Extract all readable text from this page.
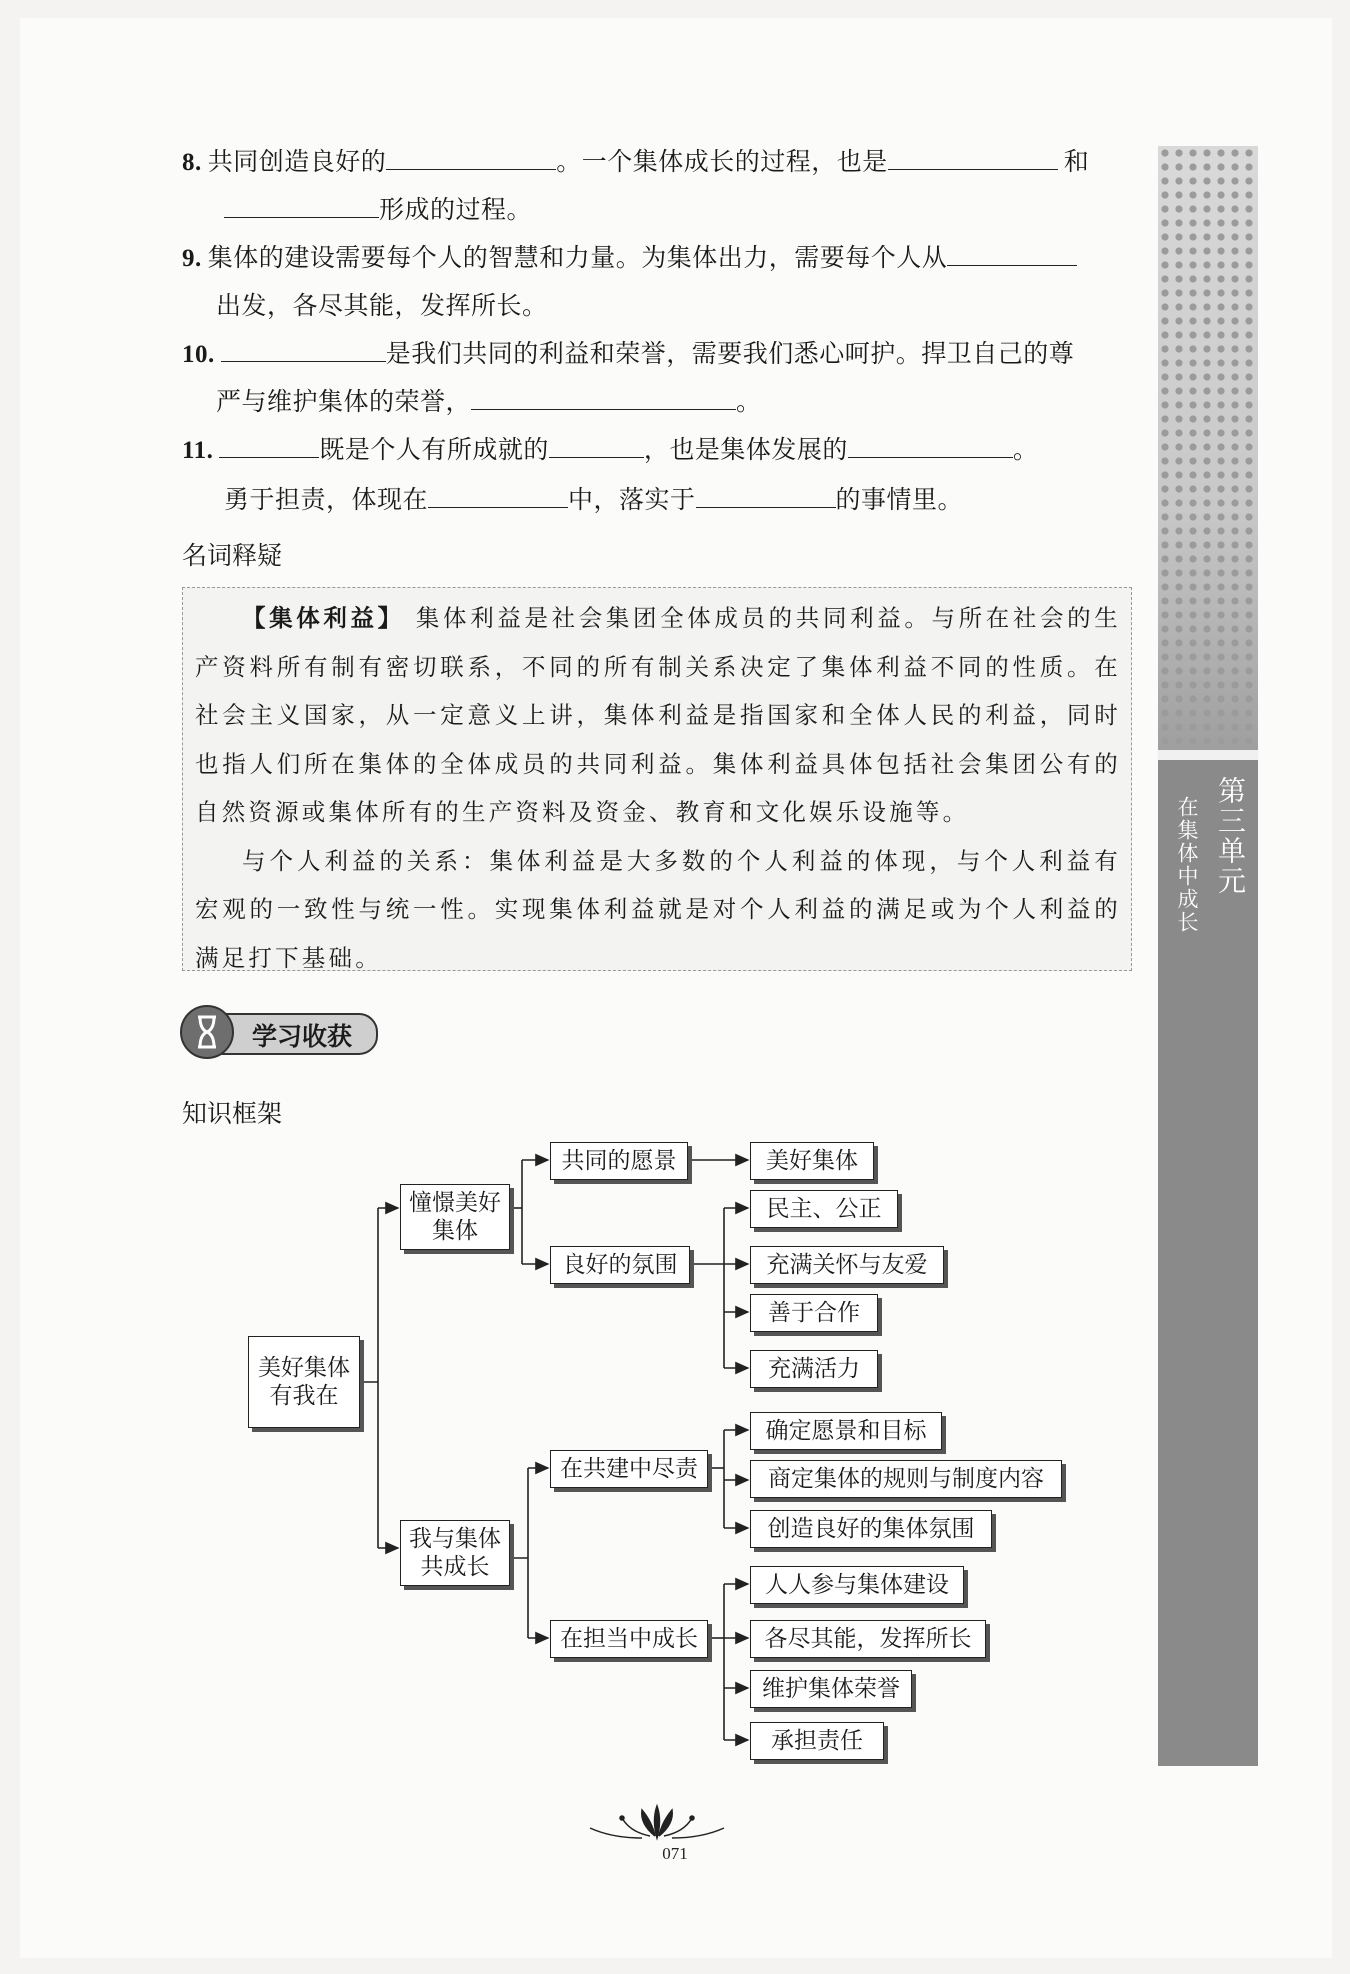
8. 共同创造良好的	。一个集体成长的过程，也是	和
形成的过程。
9. 集体的建设需要每个人的智慧和力量。为集体出力，需要每个人从
出发，各尽其能，发挥所长。
10.	是我们共同的利益和荣誉，需要我们悉心呵护。捍卫自己的尊
严与维护集体的荣誉，	。
11.	既是个人有所成就的	，也是集体发展的	。
勇于担责，体现在	中，落实于	的事情里。
名词释疑

【集体利益】 集体利益是社会集团全体成员的共同利益。与所在社会的生产资料所有制有密切联系，不同的所有制关系决定了集体利益不同的性质。在社会主义国家，从一定意义上讲，集体利益是指国家和全体人民的利益，同时也指人们所在集体的全体成员的共同利益。集体利益具体包括社会集团公有的自然资源或集体所有的生产资料及资金、教育和文化娱乐设施等。

与个人利益的关系：集体利益是大多数的个人利益的体现，与个人利益有宏观的一致性与统一性。实现集体利益就是对个人利益的满足或为个人利益的满足打下基础。

第三单元
在集体中成长
学习收获
知识框架
美好集体有我在
憧憬美好集体
共同的愿景	美好集体
良好的氛围
民主、公正
充满关怀与友爱
善于合作
充满活力
我与集体共成长
在共建中尽责
确定愿景和目标
商定集体的规则与制度内容
创造良好的集体氛围
在担当中成长
人人参与集体建设
各尽其能，发挥所长
维护集体荣誉
承担责任
071
